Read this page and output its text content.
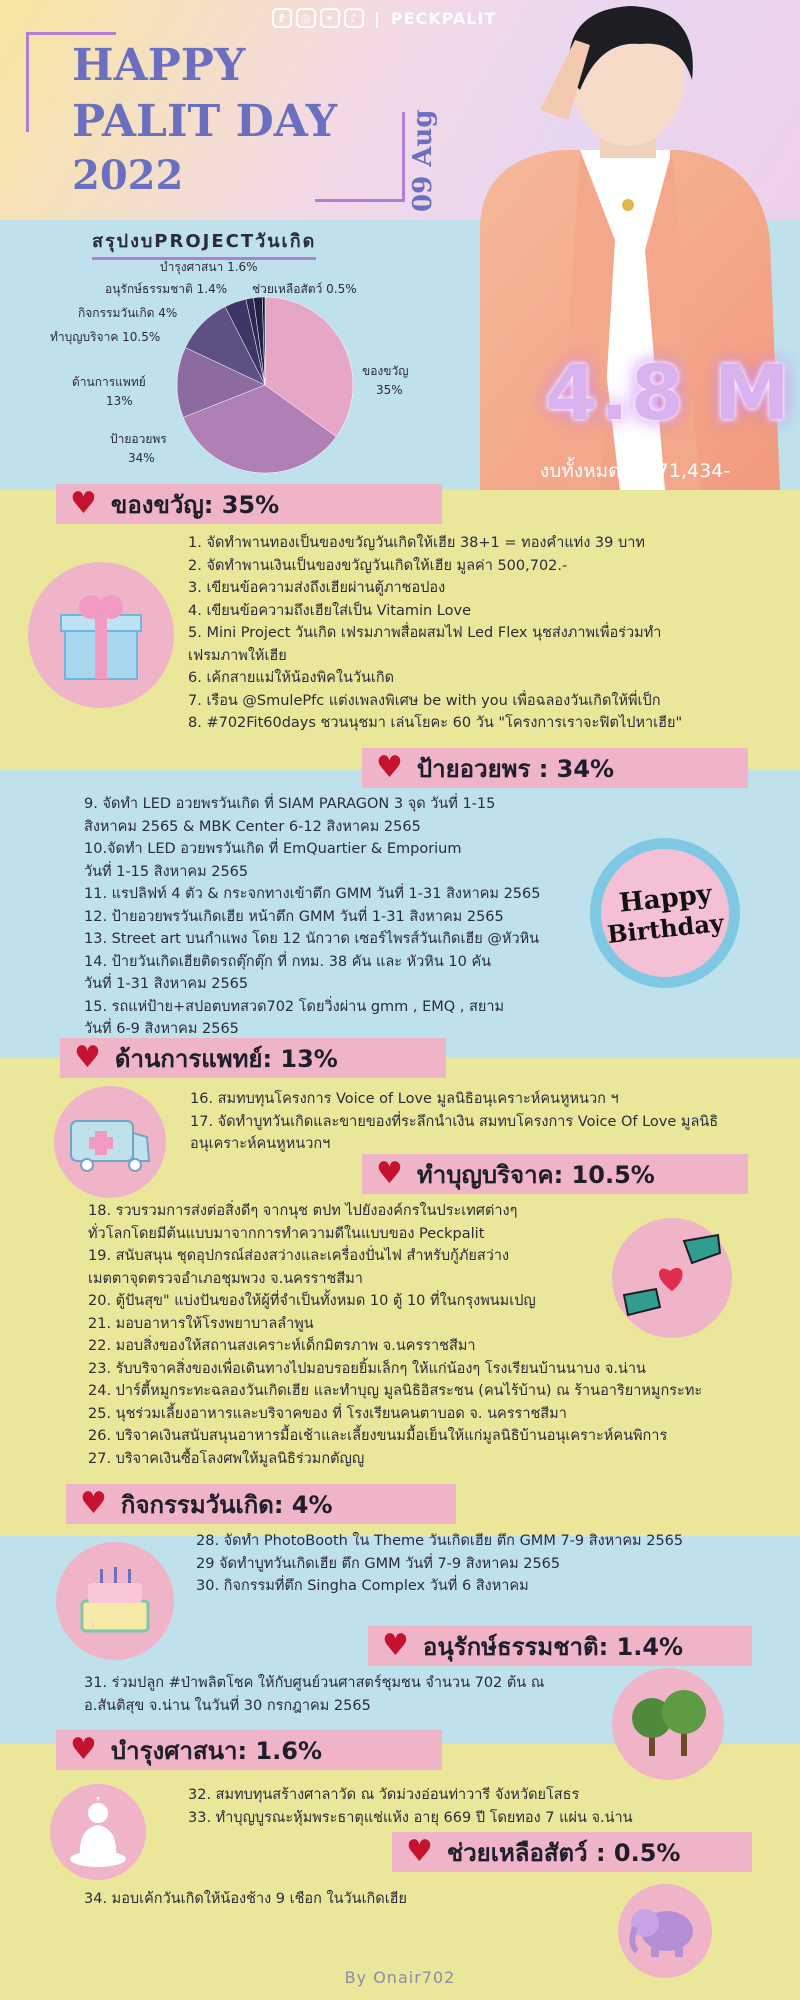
f	◎	✦	♪ | PECKPALIT
HAPPY
PALIT DAY
2022	09 Aug
สรุปงบPROJECTวันเกิด
บำรุงศาสนา 1.6%
อนุรักษ์ธรรมชาติ 1.4% ช่วยเหลือสัตว์ 0.5%
กิจกรรมวันเกิด 4%
ทำบุญบริจาค 10.5%
ด้านการแพทย์
13%
ป้ายอวยพร
34%
ของขวัญ
35% 4.8 M
งบทั้งหมด 4,871,434-
♥ ของขวัญ: 35%
1. จัดทำพานทองเป็นของขวัญวันเกิดให้เฮีย 38+1 = ทองคำแท่ง 39 บาท
2. จัดทำพานเงินเป็นของขวัญวันเกิดให้เฮีย มูลค่า 500,702.-
3. เขียนข้อความส่งถึงเฮียผ่านตู้ภาชอปอง
4. เขียนข้อความถึงเฮียใส่เป็น Vitamin Love
5. Mini Project วันเกิด เฟรมภาพสื่อผสมไฟ Led Flex นุชส่งภาพเพื่อร่วมทำ
เฟรมภาพให้เฮีย
6. เค้กสายแม่ให้น้องพิคในวันเกิด
7. เรือน @SmulePfc แต่งเพลงพิเศษ be with you เพื่อฉลองวันเกิดให้พี่เป็ก
8. #702Fit60days ชวนนุชมา เล่นโยคะ 60 วัน "โครงการเราจะฟิตไปหาเฮีย"
♥ ป้ายอวยพร : 34%
9. จัดทำ LED อวยพรวันเกิด ที่ SIAM PARAGON 3 จุด วันที่ 1-15
สิงหาคม 2565 & MBK Center 6-12 สิงหาคม 2565
10.จัดทำ LED อวยพรวันเกิด ที่ EmQuartier & Emporium
วันที่ 1-15 สิงหาคม 2565
11. แรปลิฟท์ 4 ตัว & กระจกทางเข้าตึก GMM วันที่ 1-31 สิงหาคม 2565
12. ป้ายอวยพรวันเกิดเฮีย หน้าตึก GMM วันที่ 1-31 สิงหาคม 2565
13. Street art บนกำแพง โดย 12 นักวาด เซอร์ไพรส์วันเกิดเฮีย @หัวหิน
14. ป้ายวันเกิดเฮียติดรถตุ๊กตุ๊ก ที่ กทม. 38 คัน และ หัวหิน 10 คัน
วันที่ 1-31 สิงหาคม 2565
15. รถแห่ป้าย+สปอตบทสวด702 โดยวิ่งผ่าน gmm , EMQ , สยาม
วันที่ 6-9 สิงหาคม 2565
Happy
Birthday
♥ ด้านการแพทย์: 13%
16. สมทบทุนโครงการ Voice of Love มูลนิธิอนุเคราะห์คนหูหนวก ฯ
17. จัดทำบูทวันเกิดและขายของที่ระลึกนำเงิน สมทบโครงการ Voice Of Love มูลนิธิ
อนุเคราะห์คนหูหนวกฯ
♥ ทำบุญบริจาค: 10.5%
18. รวบรวมการส่งต่อสิ่งดีๆ จากนุช ตปท ไปยังองค์กรในประเทศต่างๆ
ทั่วโลกโดยมีต้นแบบมาจากการทำความดีในแบบของ Peckpalit
19. สนับสนุน ชุดอุปกรณ์ส่องสว่างและเครื่องปั่นไฟ สำหรับกู้ภัยสว่าง
เมตตาจุดตรวจอำเภอชุมพวง จ.นครราชสีมา
20. ตู้ปันสุข" แบ่งปันของให้ผู้ที่จำเป็นทั้งหมด 10 ตู้ 10 ที่ในกรุงพนมเปญ
21. มอบอาหารให้โรงพยาบาลลำพูน
22. มอบสิ่งของให้สถานสงเคราะห์เด็กมิตรภาพ จ.นครราชสีมา
23. รับบริจาคสิ่งของเพื่อเดินทางไปมอบรอยยิ้มเล็กๆ ให้แก่น้องๆ โรงเรียนบ้านนาบง จ.น่าน
24. ปาร์ตี้หมูกระทะฉลองวันเกิดเฮีย และทำบุญ มูลนิธิอิสระชน (คนไร้บ้าน) ณ ร้านอาริยาหมูกระทะ
25. นุชร่วมเลี้ยงอาหารและบริจาคของ ที่ โรงเรียนคนตาบอด จ. นครราชสีมา
26. บริจาคเงินสนับสนุนอาหารมื้อเช้าและเลี้ยงขนมมื้อเย็นให้แก่มูลนิธิบ้านอนุเคราะห์คนพิการ
27. บริจาคเงินซื้อโลงศพให้มูลนิธิร่วมกตัญญู
♥ กิจกรรมวันเกิด: 4%
28. จัดทำ PhotoBooth ใน Theme วันเกิดเฮีย ตึก GMM 7-9 สิงหาคม 2565
29 จัดทำบูทวันเกิดเฮีย ตึก GMM วันที่ 7-9 สิงหาคม 2565
30. กิจกรรมที่ตึก Singha Complex วันที่ 6 สิงหาคม
♥ อนุรักษ์ธรรมชาติ: 1.4%
31. ร่วมปลูก #ป่าพลิตโชค ให้กับศูนย์วนศาสตร์ชุมชน จำนวน 702 ต้น ณ
อ.สันติสุข จ.น่าน ในวันที่ 30 กรกฎาคม 2565
♥ บำรุงศาสนา: 1.6%
32. สมทบทุนสร้างศาลาวัด ณ วัดม่วงอ่อนท่าวารี จังหวัดยโสธร
33. ทำบุญบูรณะหุ้มพระธาตุแช่แห้ง อายุ 669 ปี โดยทอง 7 แผ่น จ.น่าน
♥ ช่วยเหลือสัตว์ : 0.5%
34. มอบเค้กวันเกิดให้น้องช้าง 9 เชือก ในวันเกิดเฮีย
By Onair702
